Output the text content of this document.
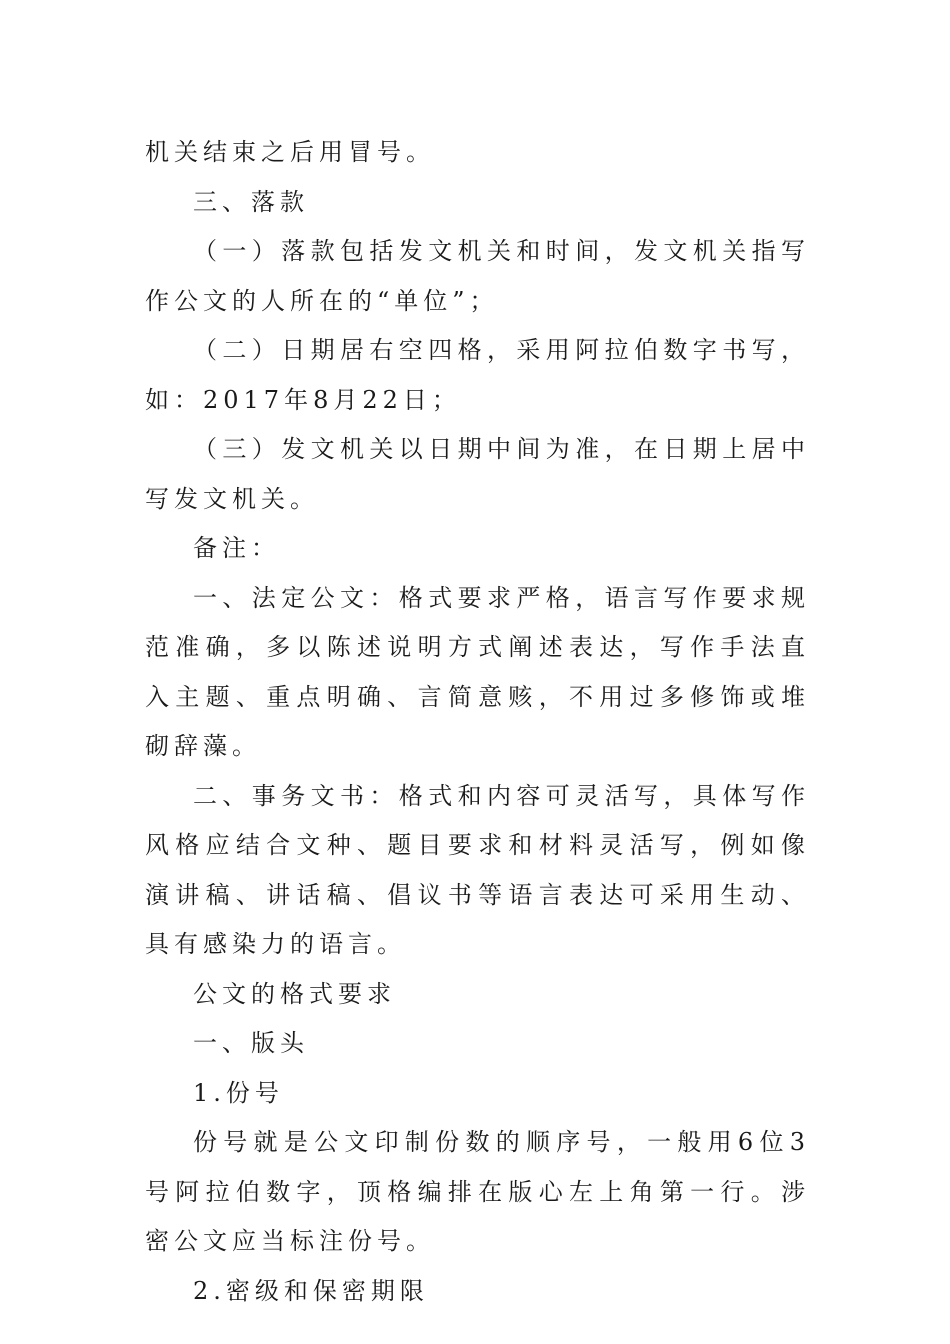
机关结束之后用冒号。

三、落款

（一）落款包括发文机关和时间，发文机关指写作公文的人所在的“单位”；

（二）日期居右空四格，采用阿拉伯数字书写，如：2017年8月22日；

（三）发文机关以日期中间为准，在日期上居中写发文机关。

备注：

一、法定公文：格式要求严格，语言写作要求规范准确，多以陈述说明方式阐述表达，写作手法直入主题、重点明确、言简意赅，不用过多修饰或堆砌辞藻。

二、事务文书：格式和内容可灵活写，具体写作风格应结合文种、题目要求和材料灵活写，例如像演讲稿、讲话稿、倡议书等语言表达可采用生动、具有感染力的语言。

公文的格式要求

一、版头

1.份号

份号就是公文印制份数的顺序号，一般用6位3号阿拉伯数字，顶格编排在版心左上角第一行。涉密公文应当标注份号。

2.密级和保密期限
